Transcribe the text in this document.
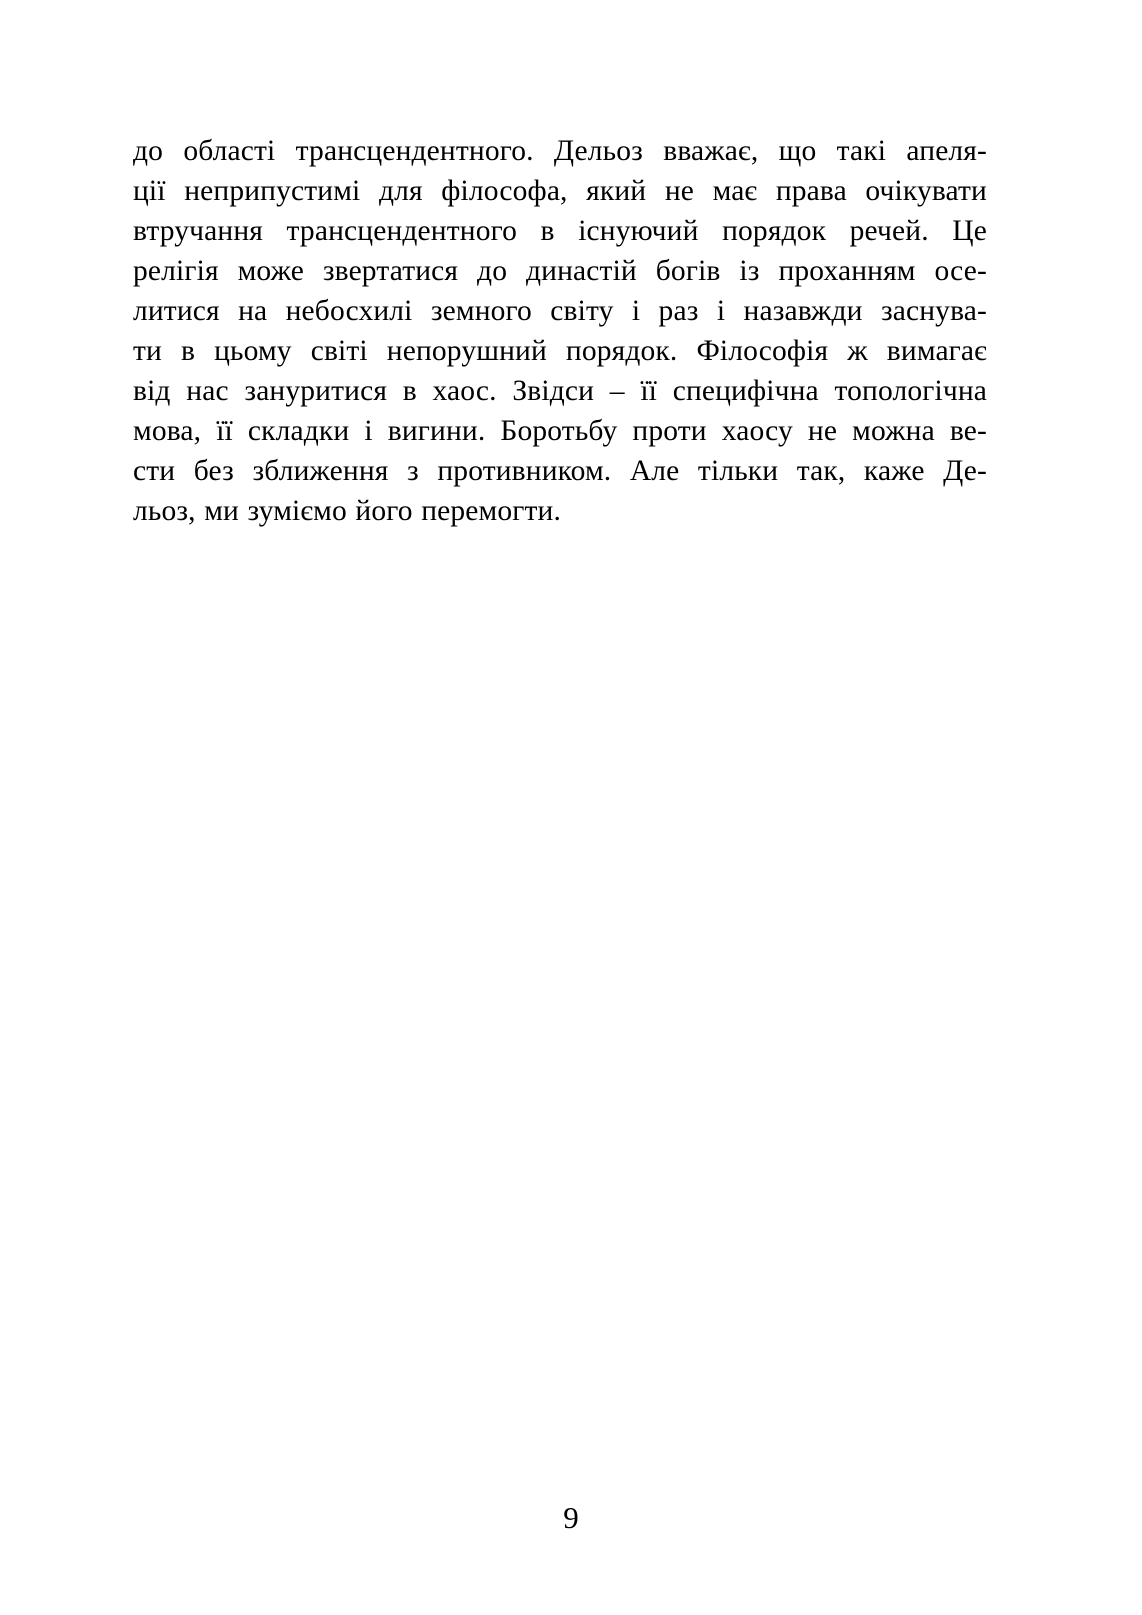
до області трансцендентного. Дельоз вважає, що такі апеля-
ції неприпустимі для філософа, який не має права очікувати
втручання трансцендентного в існуючий порядок речей. Це
релігія може звертатися до династій богів із проханням осе-
литися на небосхилі земного світу і раз і назавжди заснува-
ти в цьому світі непорушний порядок. Філософія ж вимагає
від нас зануритися в хаос. Звідси – її специфічна топологічна
мова, її складки і вигини. Боротьбу проти хаосу не можна ве-
сти без зближення з противником. Але тільки так, каже Де-
льоз, ми зуміємо його перемогти.
9
